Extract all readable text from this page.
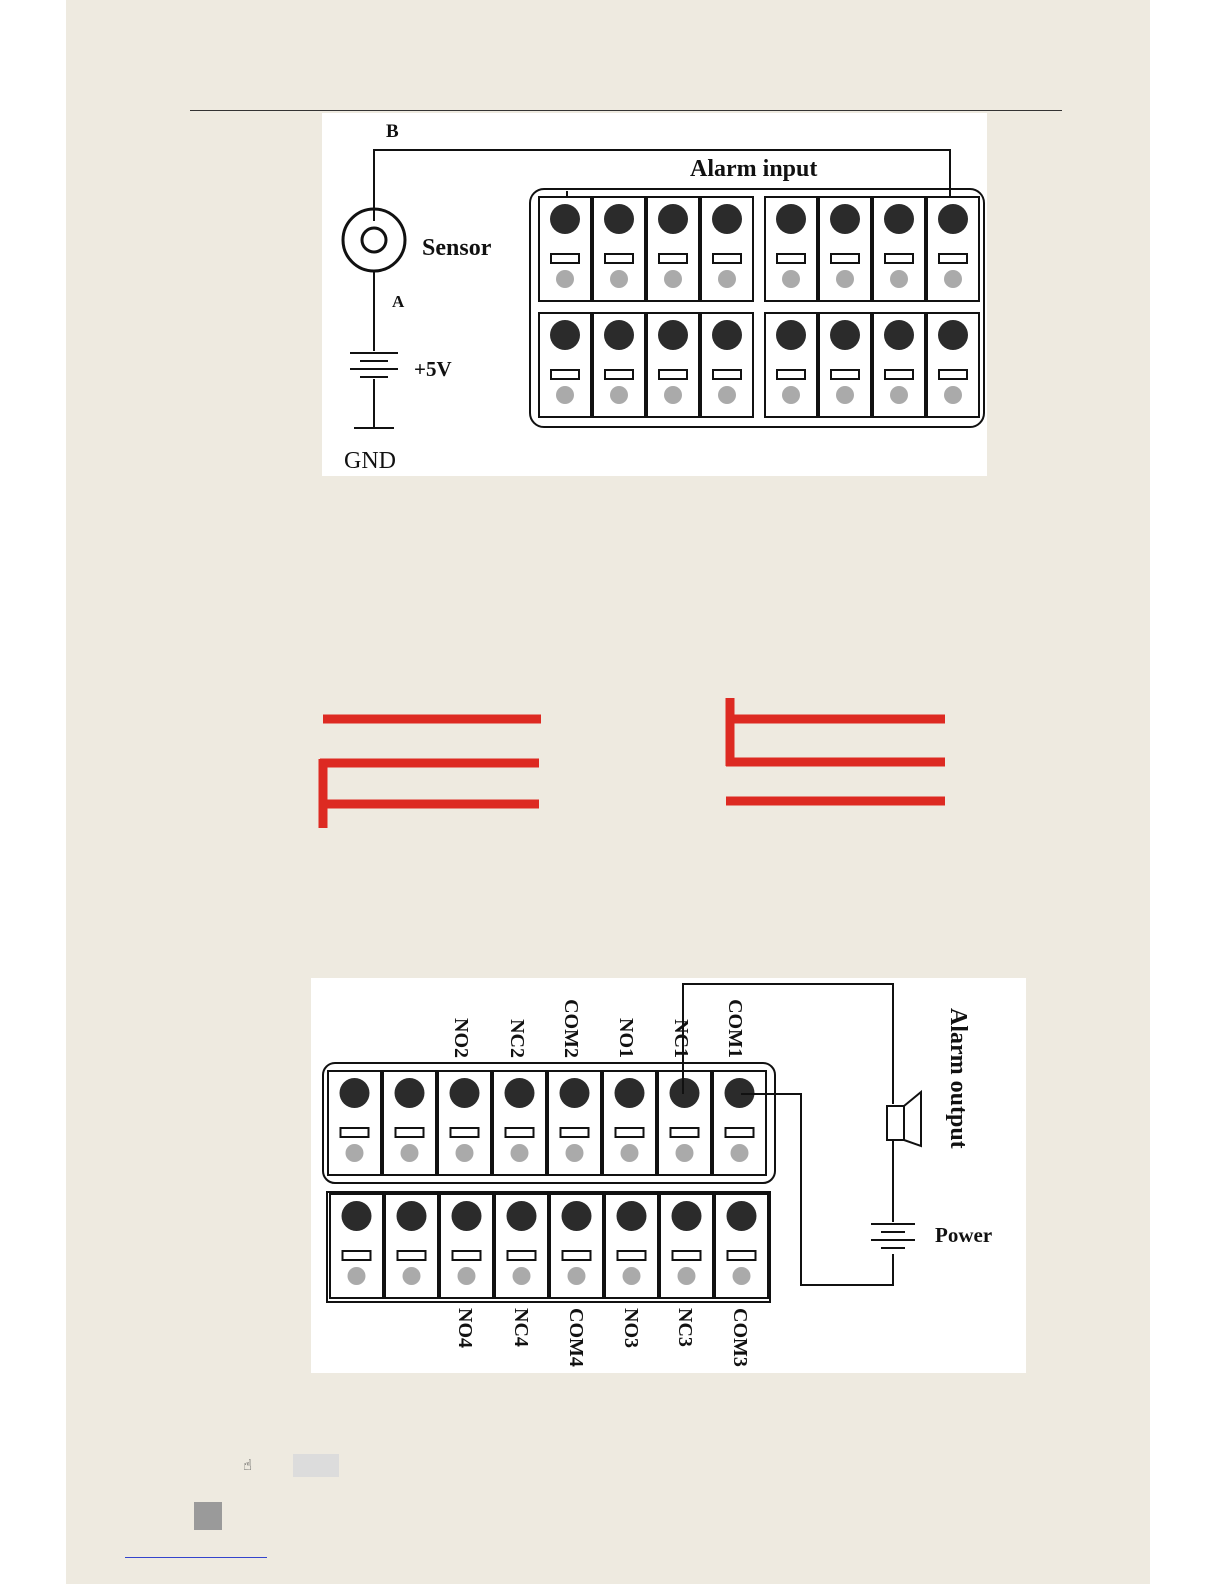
B
A
Sensor
+5V
GND
Alarm input
Alarm output
Power
NO2 NC2 COM2 NO1 NC1 COM1
NO4 NC4 COM4 NO3 NC3 COM3
☝
